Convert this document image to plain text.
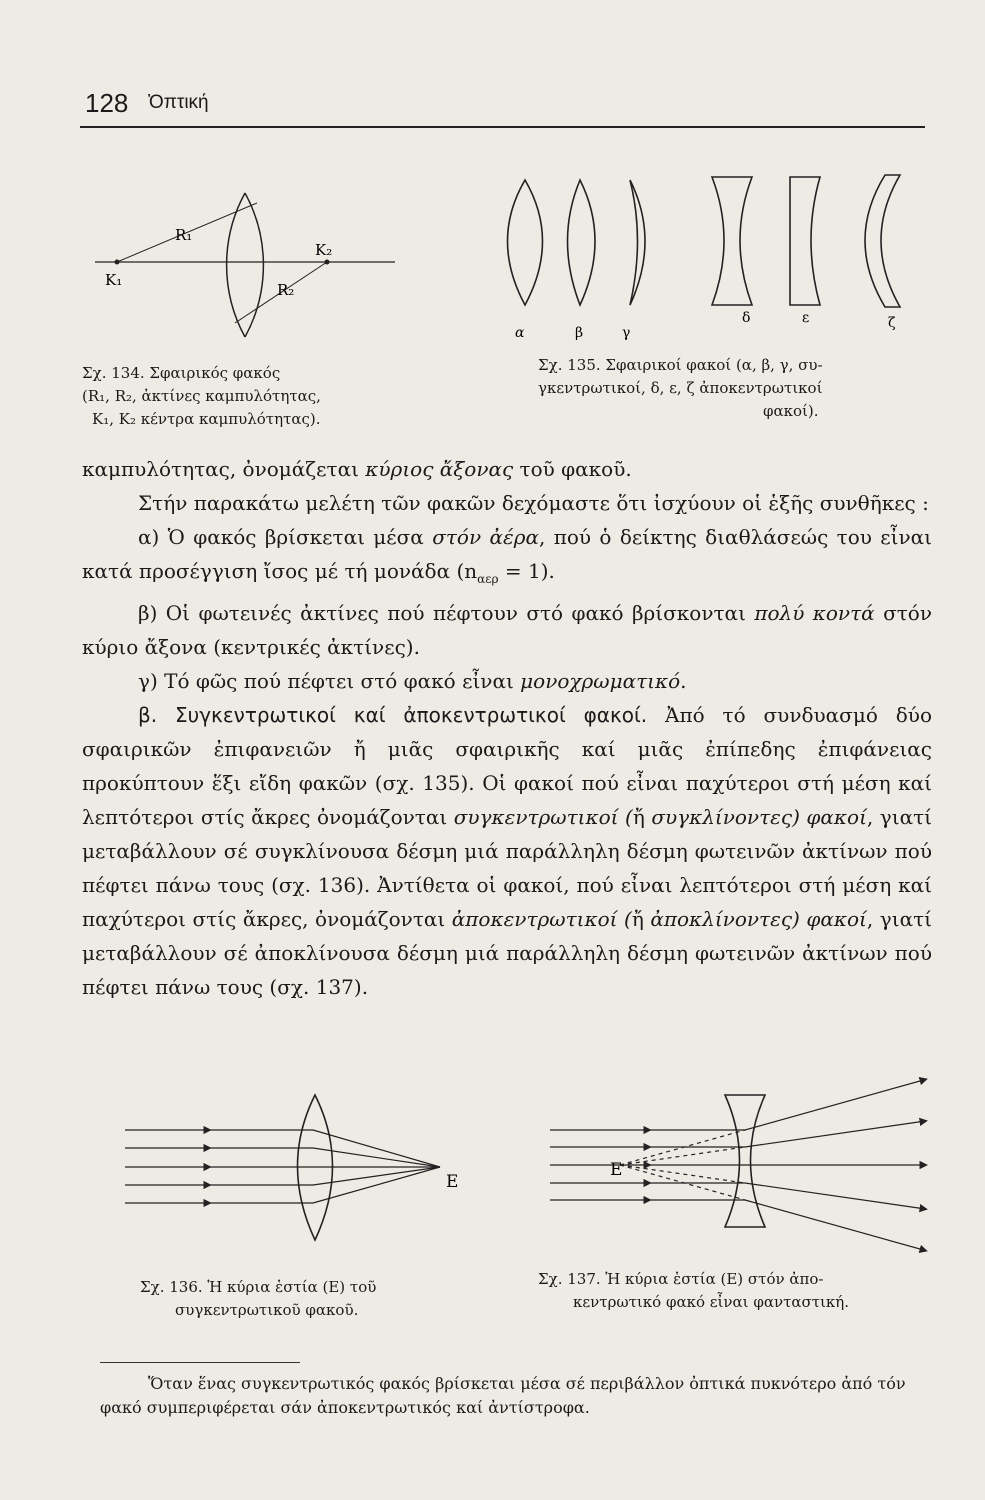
128 Ὀπτική
R₁
K₁
K₂
R₂
Σχ. 134. Σφαιρικός φακός
(R₁, R₂, ἀκτίνες καμπυλότητας,
K₁, K₂ κέντρα καμπυλότητας).
α	β	γ
δ	ε	ζ
Σχ. 135. Σφαιρικοί φακοί (α, β, γ, συ-
γκεντρωτικοί, δ, ε, ζ ἀποκεντρωτικοί
φακοί).

καμπυλότητας, ὀνομάζεται κύριος ἄξονας τοῦ φακοῦ.

Στήν παρακάτω μελέτη τῶν φακῶν δεχόμαστε ὅτι ἰσχύουν οἱ ἑξῆς συνθῆκες :

α) Ὁ φακός βρίσκεται μέσα στόν ἀέρα, πού ὁ δείκτης διαθλάσεώς του εἶναι κατά προσέγγιση ἴσος μέ τή μονάδα $(n_{\alpha\varepsilon\rho} = 1)$.

β) Οἱ φωτεινές ἀκτίνες πού πέφτουν στό φακό βρίσκονται πολύ κοντά στόν κύριο ἄξονα (κεντρικές ἀκτίνες).

γ) Τό φῶς πού πέφτει στό φακό εἶναι μονοχρωματικό.

β. Συγκεντρωτικοί καί ἀποκεντρωτικοί φακοί. Ἀπό τό συνδυασμό δύο σφαιρικῶν ἐπιφανειῶν ἤ μιᾶς σφαιρικῆς καί μιᾶς ἐπίπεδης ἐπιφάνειας προκύπτουν ἕξι εἴδη φακῶν (σχ. 135). Οἱ φακοί πού εἶναι παχύτεροι στή μέση καί λεπτότεροι στίς ἄκρες ὀνομάζονται συγκεντρωτικοί (ἤ συγκλίνοντες) φακοί, γιατί μεταβάλλουν σέ συγκλίνουσα δέσμη μιά παράλληλη δέσμη φωτεινῶν ἀκτίνων πού πέφτει πάνω τους (σχ. 136). Ἀντίθετα οἱ φακοί, πού εἶναι λεπτότεροι στή μέση καί παχύτεροι στίς ἄκρες, ὀνομάζονται ἀποκεντρωτικοί (ἤ ἀποκλίνοντες) φακοί, γιατί μεταβάλλουν σέ ἀποκλίνουσα δέσμη μιά παράλληλη δέσμη φωτεινῶν ἀκτίνων πού πέφτει πάνω τους (σχ. 137).

Ε
Σχ. 136. Ἡ κύρια ἑστία (Ε) τοῦ
συγκεντρωτικοῦ φακοῦ.
Ε
Σχ. 137. Ἡ κύρια ἑστία (Ε) στόν ἀπο-
κεντρωτικό φακό εἶναι φανταστική.
Ὅταν ἕνας συγκεντρωτικός φακός βρίσκεται μέσα σέ περιβάλλον ὀπτικά πυκνότερο ἀπό τόν φακό συμπεριφέρεται σάν ἀποκεντρωτικός καί ἀντίστροφα.
